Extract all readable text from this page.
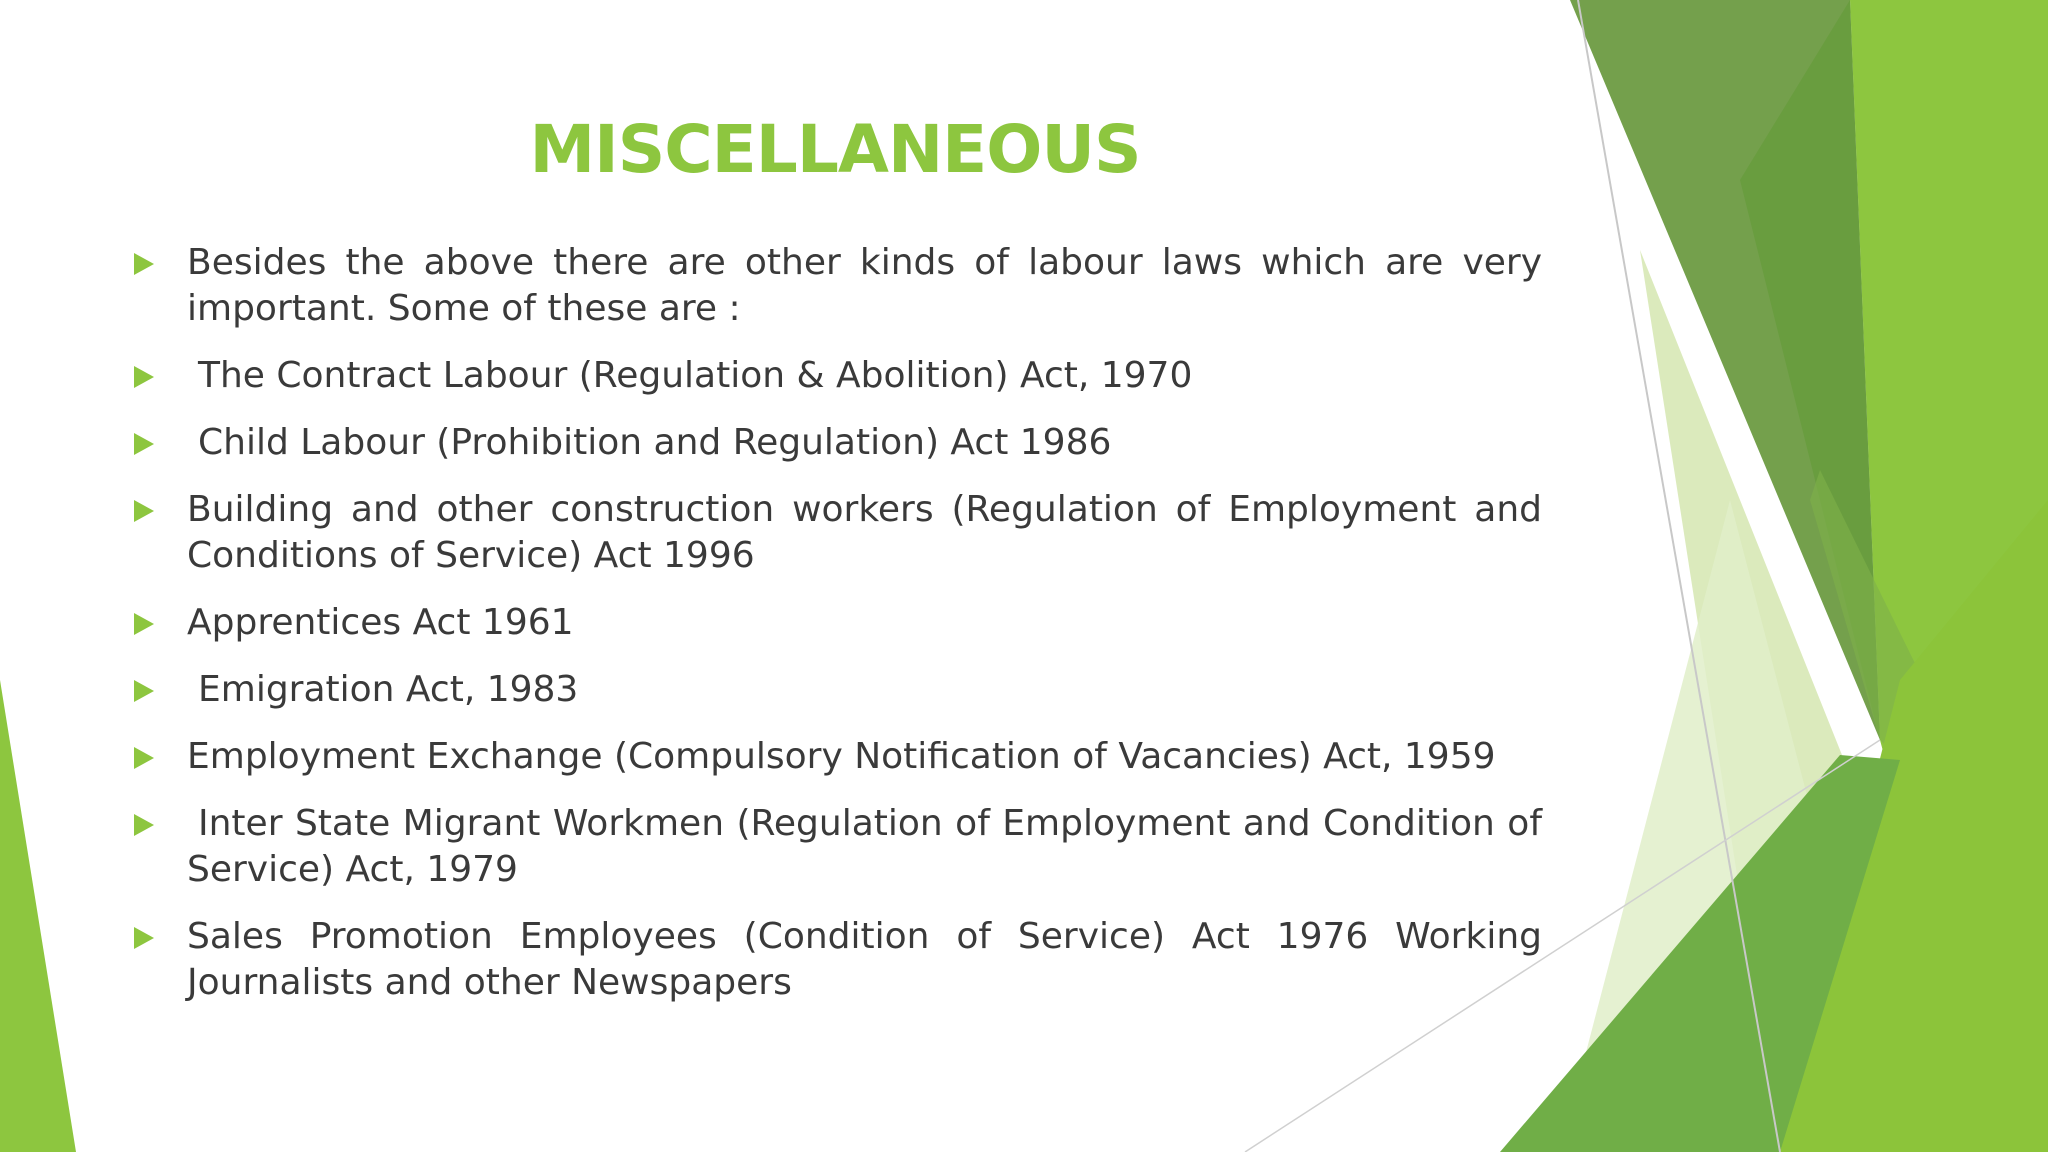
MISCELLANEOUS
Besides the above there are other kinds of labour laws which are very important. Some of these are :
The Contract Labour (Regulation & Abolition) Act, 1970
Child Labour (Prohibition and Regulation) Act 1986
Building and other construction workers (Regulation of Employment and Conditions of Service) Act 1996
Apprentices Act 1961
Emigration Act, 1983
Employment Exchange (Compulsory Notification of Vacancies) Act, 1959
Inter State Migrant Workmen (Regulation of Employment and Condition of Service) Act, 1979
Sales Promotion Employees (Condition of Service) Act 1976 Working Journalists and other Newspapers
